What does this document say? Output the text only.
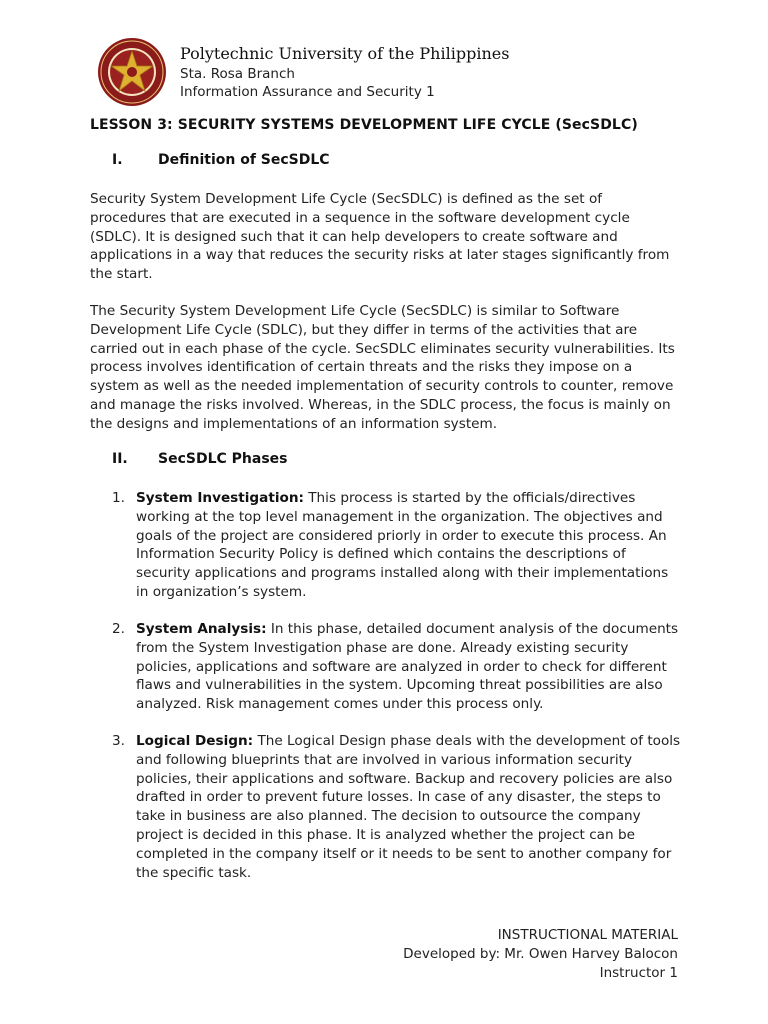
Polytechnic University of the Philippines
Sta. Rosa Branch
Information Assurance and Security 1
LESSON 3: SECURITY SYSTEMS DEVELOPMENT LIFE CYCLE (SecSDLC)
I.	Definition of SecSDLC

Security System Development Life Cycle (SecSDLC) is defined as the set of procedures that are executed in a sequence in the software development cycle (SDLC). It is designed such that it can help developers to create software and applications in a way that reduces the security risks at later stages significantly from the start.

The Security System Development Life Cycle (SecSDLC) is similar to Software Development Life Cycle (SDLC), but they differ in terms of the activities that are carried out in each phase of the cycle. SecSDLC eliminates security vulnerabilities. Its process involves identification of certain threats and the risks they impose on a system as well as the needed implementation of security controls to counter, remove and manage the risks involved. Whereas, in the SDLC process, the focus is mainly on the designs and implementations of an information system.

II. SecSDLC Phases
1. System Investigation: This process is started by the officials/directives working at the top level management in the organization. The objectives and goals of the project are considered priorly in order to execute this process. An Information Security Policy is defined which contains the descriptions of security applications and programs installed along with their implementations in organization’s system.
2. System Analysis: In this phase, detailed document analysis of the documents from the System Investigation phase are done. Already existing security policies, applications and software are analyzed in order to check for different flaws and vulnerabilities in the system. Upcoming threat possibilities are also analyzed. Risk management comes under this process only.
3. Logical Design: The Logical Design phase deals with the development of tools and following blueprints that are involved in various information security policies, their applications and software. Backup and recovery policies are also drafted in order to prevent future losses. In case of any disaster, the steps to take in business are also planned. The decision to outsource the company project is decided in this phase. It is analyzed whether the project can be completed in the company itself or it needs to be sent to another company for the specific task.
INSTRUCTIONAL MATERIAL
Developed by: Mr. Owen Harvey Balocon
Instructor 1
